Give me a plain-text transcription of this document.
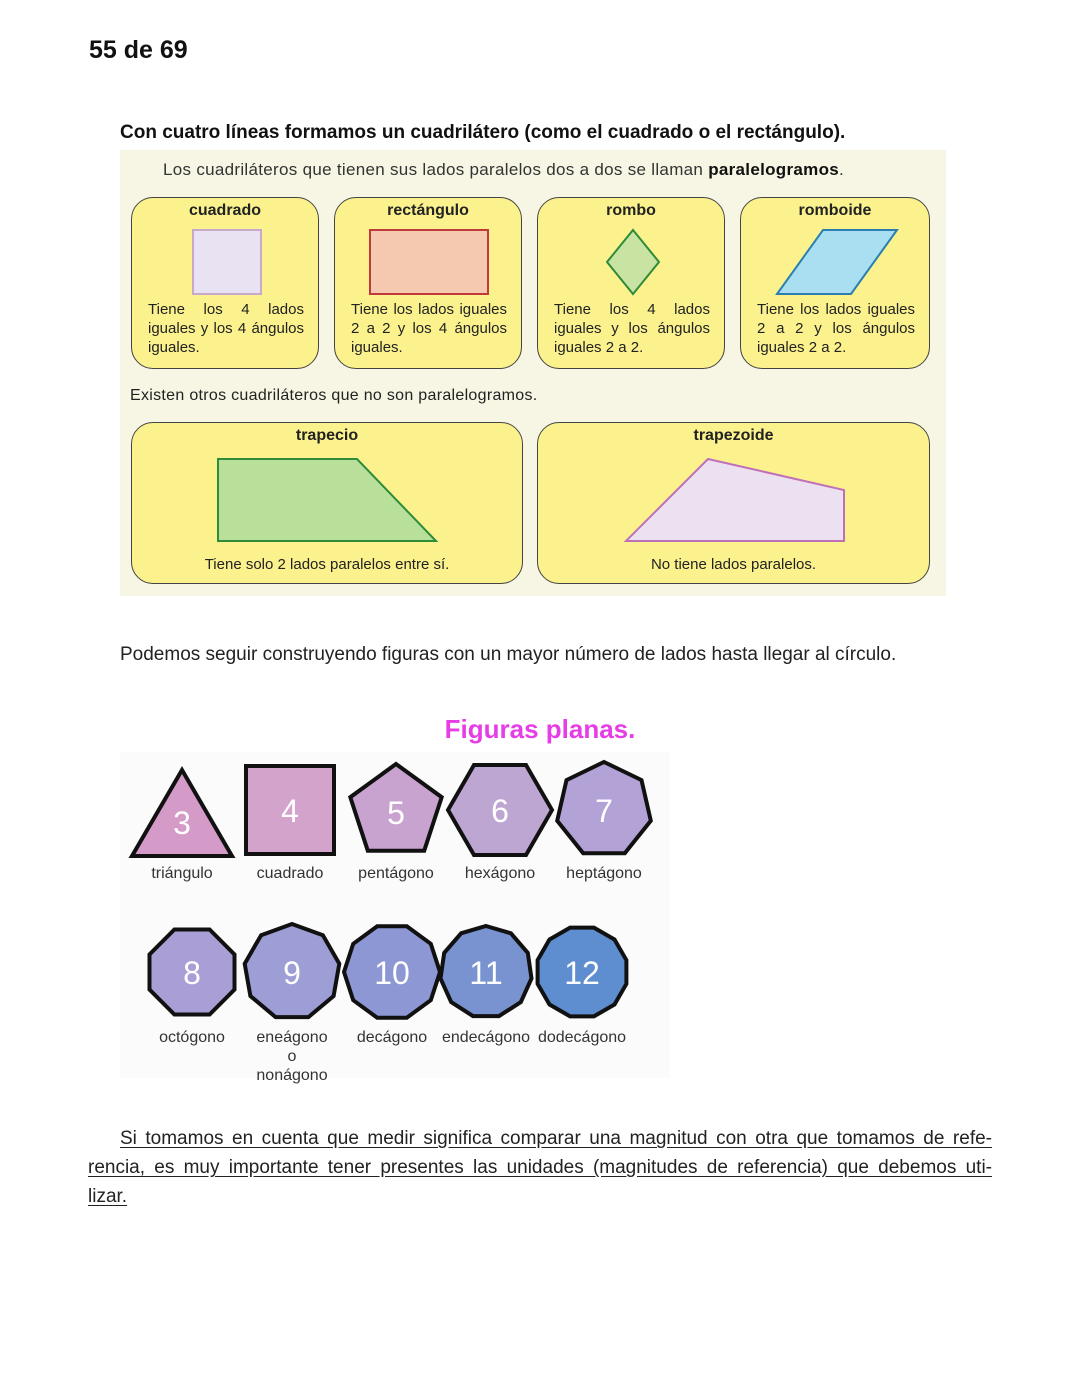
55 de 69
Con cuatro líneas formamos un cuadrilátero (como el cuadrado o el rectángulo).
Los cuadriláteros que tienen sus lados paralelos dos a dos se llaman paralelogramos.
cuadrado
Tiene los 4 lados iguales y los 4 ángulos iguales.
rectángulo
Tiene los lados iguales 2 a 2 y los 4 ángulos iguales.
rombo
Tiene los 4 lados iguales y los ángulos iguales 2 a 2.
romboide
Tiene los lados iguales 2 a 2 y los ángulos iguales 2 a 2.
Existen otros cuadriláteros que no son paralelogramos.
trapecio
Tiene solo 2 lados paralelos entre sí.
trapezoide
No tiene lados paralelos.
Podemos seguir construyendo figuras con un mayor número de lados hasta llegar al círculo.
Figuras planas.
3	4	5	6	7
8	9 10 11 12
triángulo	cuadrado	pentágono	hexágono	heptágono
octógono	eneágono o nonágono
decágono endecágono dodecágono
Si tomamos en cuenta que medir significa comparar una magnitud con otra que tomamos de refe-
rencia, es muy importante tener presentes las unidades (magnitudes de referencia) que debemos uti-
lizar.
